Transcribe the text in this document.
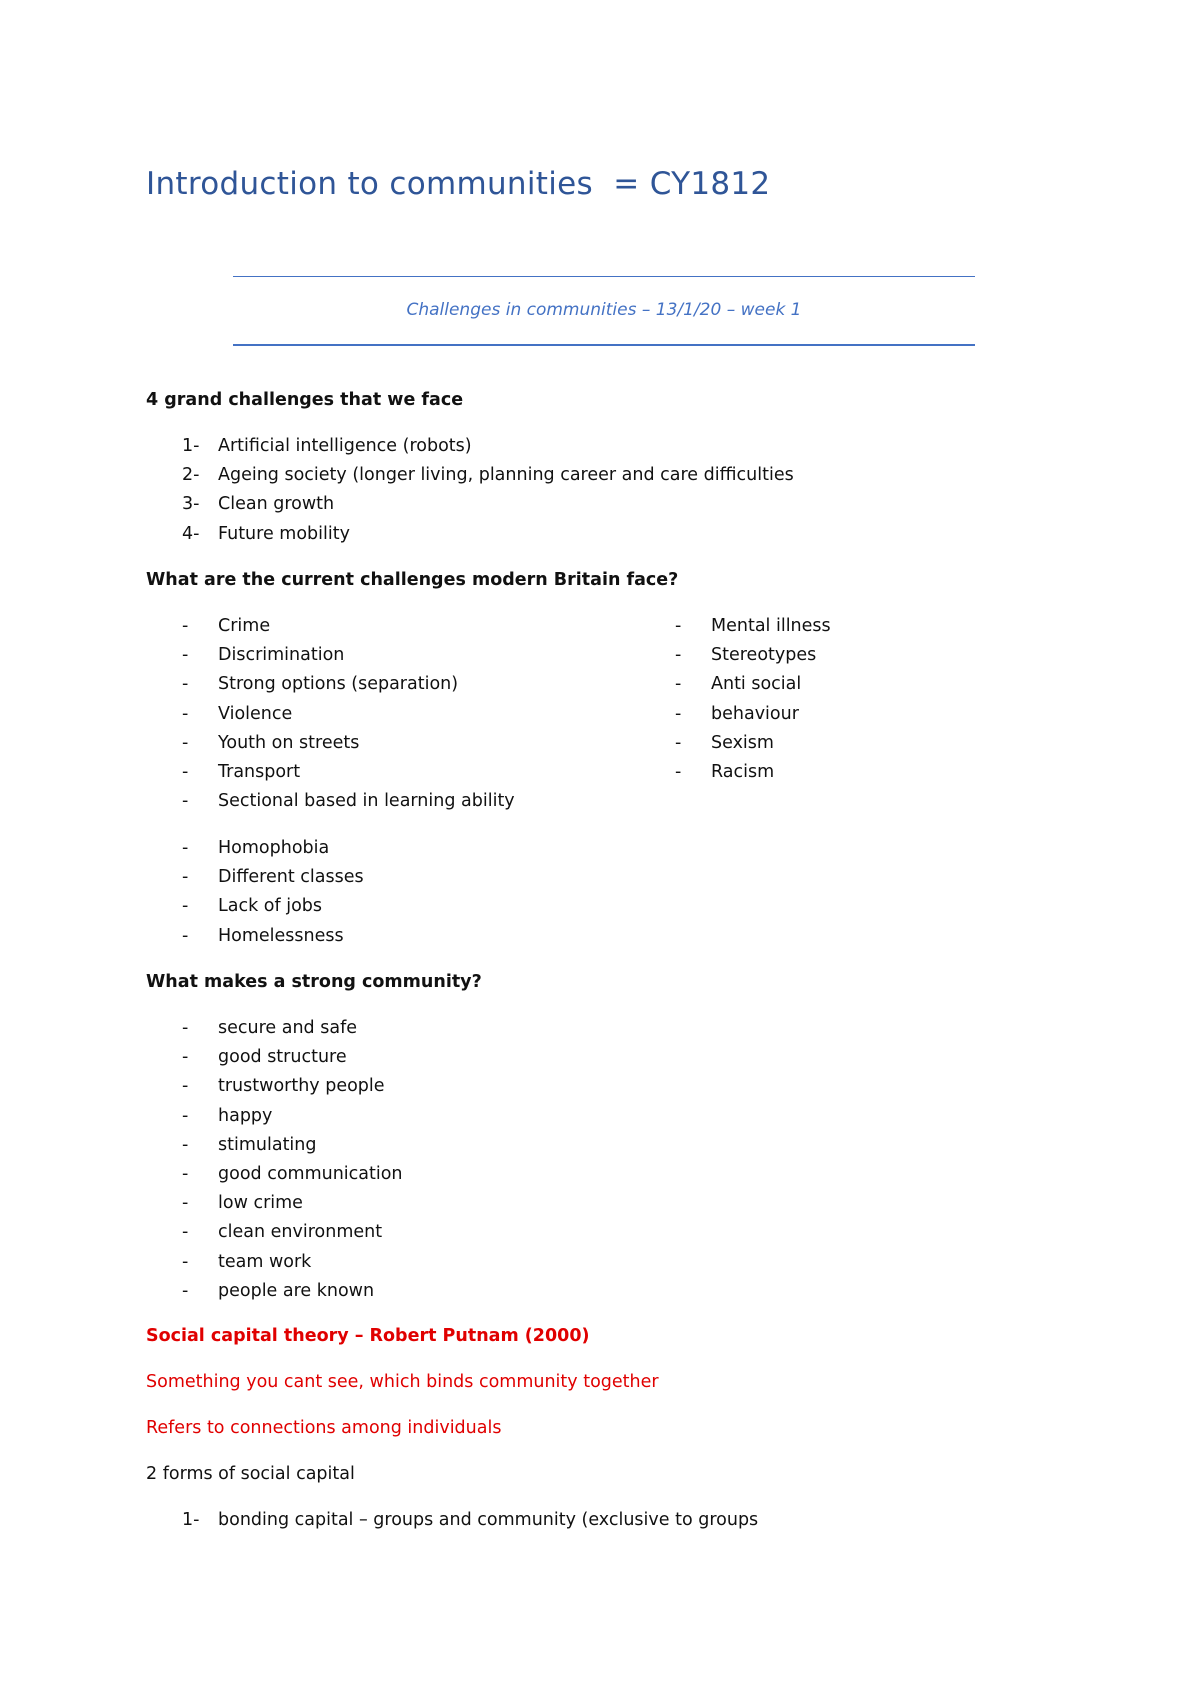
Introduction to communities  = CY1812
Challenges in communities – 13/1/20 – week 1
4 grand challenges that we face
1- Artificial intelligence (robots)
2- Ageing society (longer living, planning career and care difficulties
3- Clean growth
4- Future mobility
What are the current challenges modern Britain face?
- Crime
- Discrimination
- Strong options (separation)
- Violence
- Youth on streets
- Transport
- Sectional based in learning ability
- Mental illness
- Stereotypes
- Anti social
- behaviour
- Sexism
- Racism
- Homophobia
- Different classes
- Lack of jobs
- Homelessness
What makes a strong community?
- secure and safe
- good structure
- trustworthy people
- happy
- stimulating
- good communication
- low crime
- clean environment
- team work
- people are known
Social capital theory – Robert Putnam (2000)
Something you cant see, which binds community together
Refers to connections among individuals
2 forms of social capital
1- bonding capital – groups and community (exclusive to groups
